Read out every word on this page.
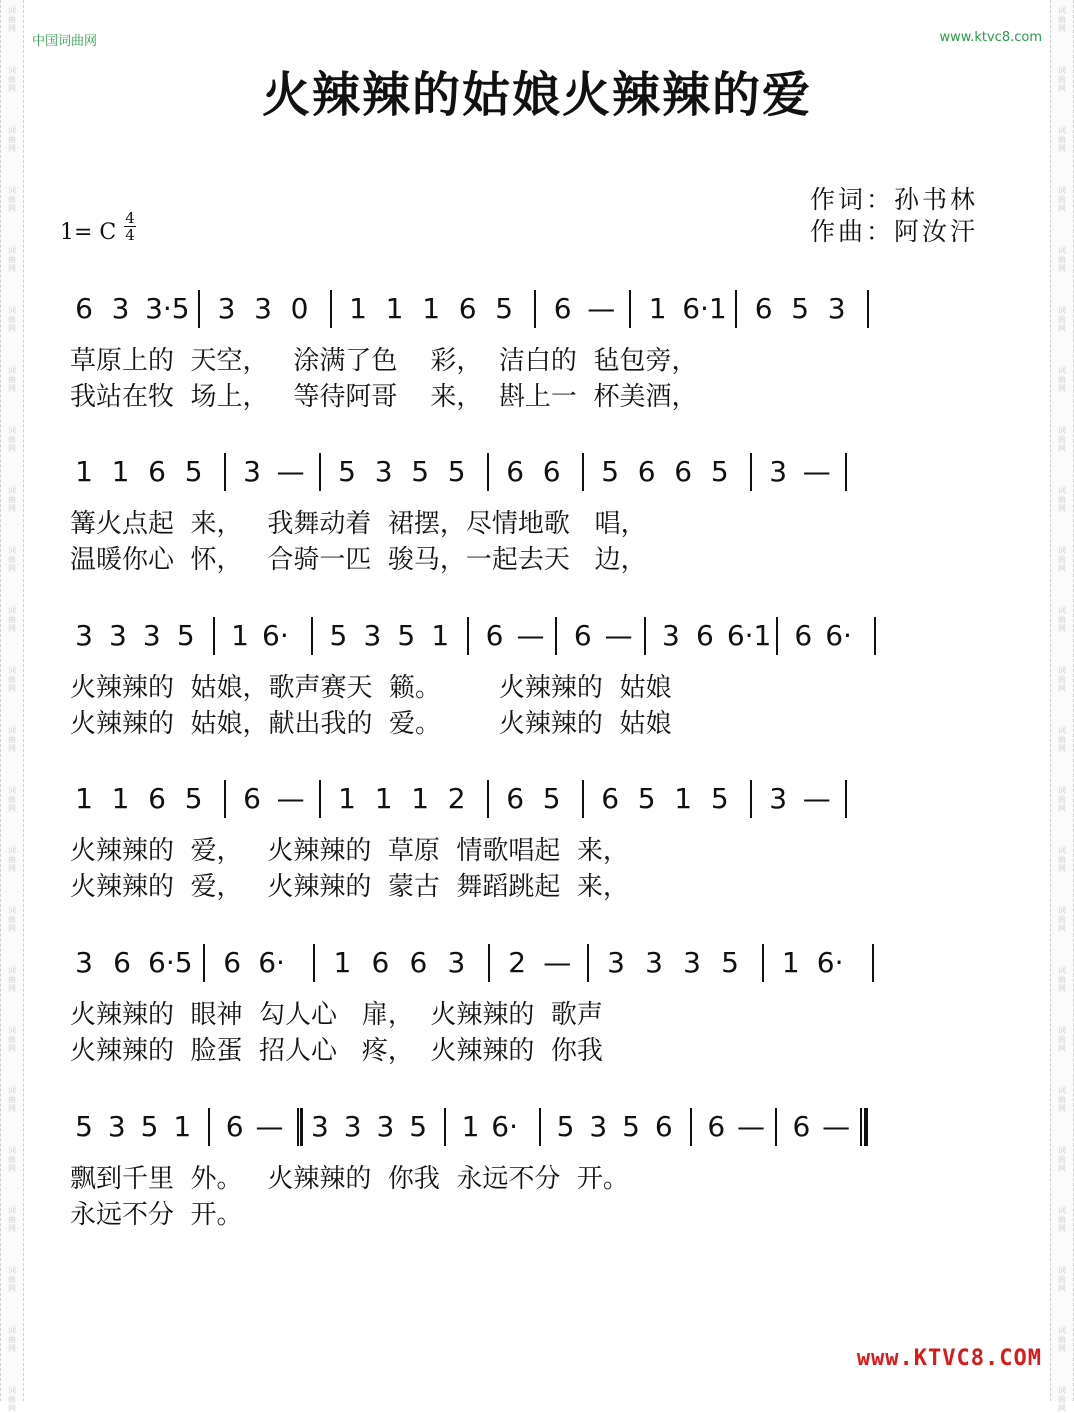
词
曲
网
词
曲
网
词
曲
网
词
曲
网
词
曲
网
词
曲
网
词
曲
网
词
曲
网
词
曲
网
词
曲
网
词
曲
网
词
曲
网
词
曲
网
词
曲
网
词
曲
网
词
曲
网
词
曲
网
词
曲
网
词
曲
网
词
曲
网
词
曲
网
词
曲
网
词
曲
网
词
曲
网
词
曲
网
词
曲
网
词
曲
网
词
曲
网
词
曲
网
词
曲
网
词
曲
网
词
曲
网
词
曲
网
词
曲
网
词
曲
网
词
曲
网
词
曲
网
词
曲
网
词
曲
网
词
曲
网
词
曲
网
词
曲
网
词
曲
网
词
曲
网
词
曲
网
词
曲
网
词
曲
网
词
曲
网
中国词曲网	www.ktvc8.com
火辣辣的姑娘火辣辣的爱
作词：孙书林
作曲：阿汝汗
1= C
4
4
6 3 3·5 3 3 0 1 1 1 6 5 6 — 1 6·1 6 5 3
草原上的  天空，   涂满了色    彩，  洁白的  毡包旁，
我站在牧  场上，   等待阿哥    来，  斟上一  杯美酒，
1 1 6 5 3 — 5 3 5 5 6 6 5 6 6 5 3 —
篝火点起  来，   我舞动着  裙摆，尽情地歌   唱，
温暖你心  怀，   合骑一匹  骏马，一起去天   边，
3 3 3 5 1 6· 5 3 5 1 6 — 6 — 3 6 6·1 6 6·
火辣辣的  姑娘，歌声赛天  籁。       火辣辣的  姑娘
火辣辣的  姑娘，献出我的  爱。       火辣辣的  姑娘
1 1 6 5 6 — 1 1 1 2 6 5 6 5 1 5 3 —
火辣辣的  爱，   火辣辣的  草原  情歌唱起  来，
火辣辣的  爱，   火辣辣的  蒙古  舞蹈跳起  来，
3 6 6·5 6 6· 1 6 6 3 2 — 3 3 3 5 1 6·
火辣辣的  眼神  勾人心   扉，  火辣辣的  歌声
火辣辣的  脸蛋  招人心   疼，  火辣辣的  你我
5 3 5 1 6 — 3 3 3 5 1 6· 5 3 5 6 6 — 6 —
飘到千里  外。   火辣辣的  你我  永远不分  开。
永远不分  开。
www.KTVC8.COM
